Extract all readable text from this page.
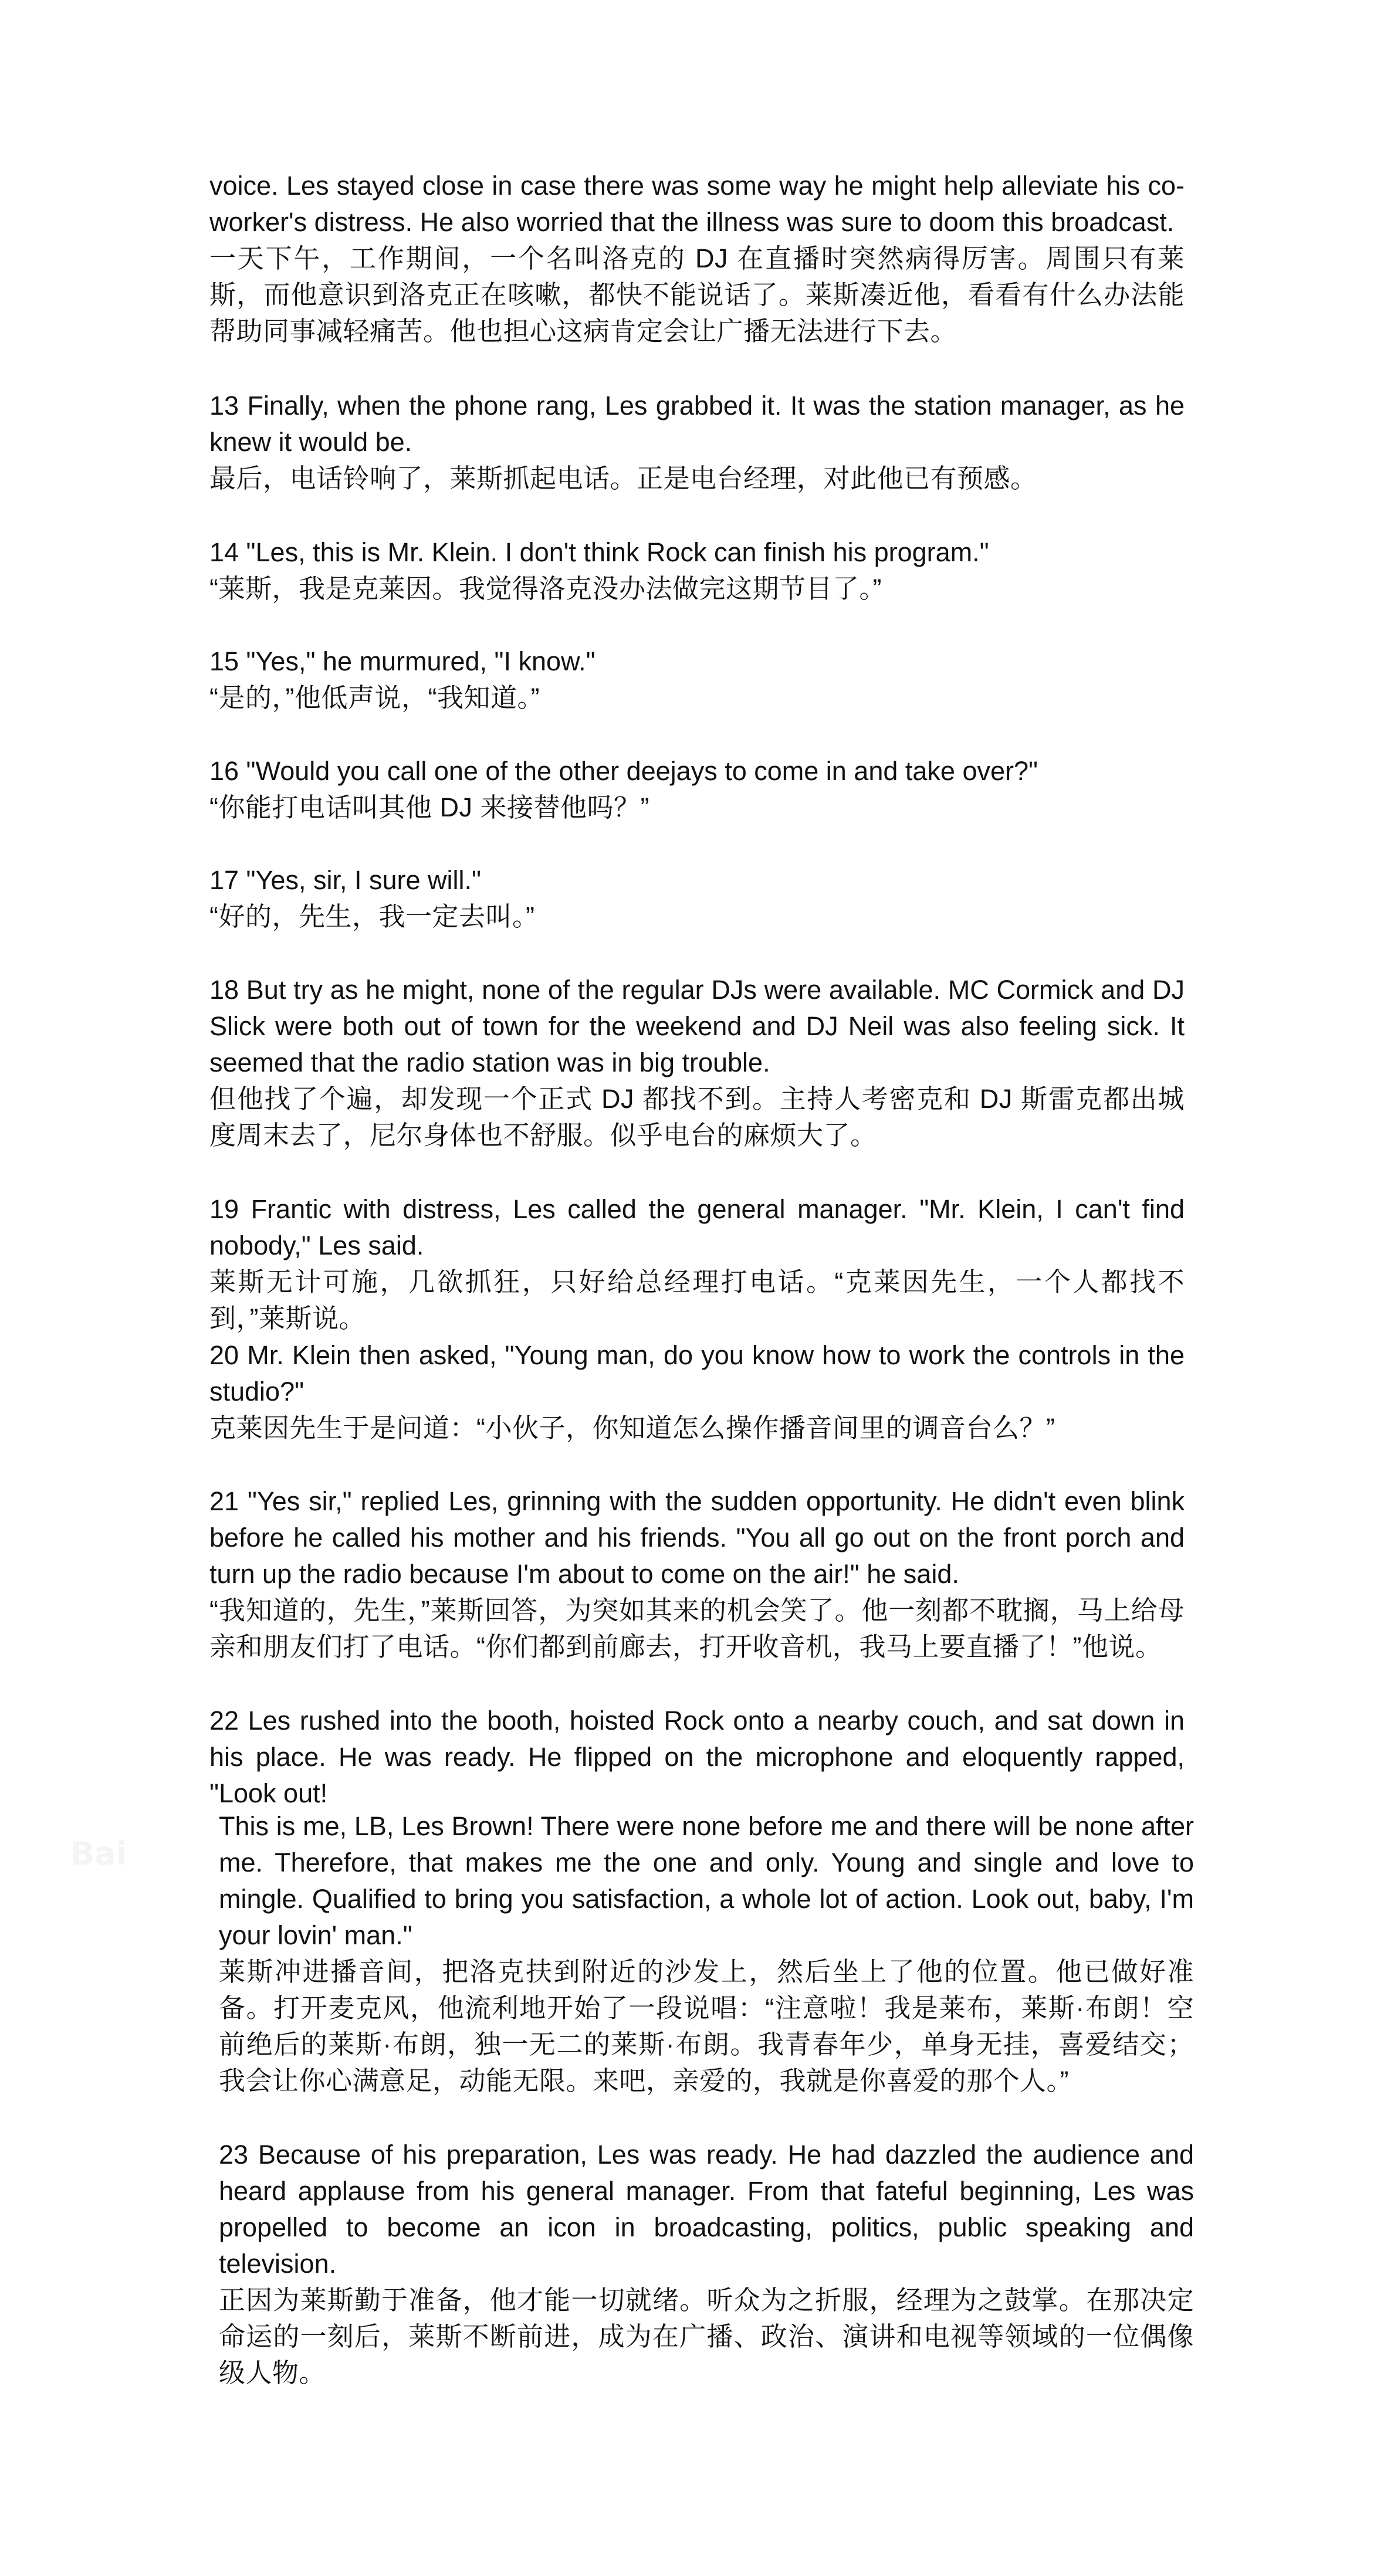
Bai

voice. Les stayed close in case there was some way he might help alleviate his co-worker's distress. He also worried that the illness was sure to doom this broadcast.

一天下午，工作期间，一个名叫洛克的 DJ 在直播时突然病得厉害。周围只有莱斯，而他意识到洛克正在咳嗽，都快不能说话了。莱斯凑近他，看看有什么办法能帮助同事减轻痛苦。他也担心这病肯定会让广播无法进行下去。

13 Finally, when the phone rang, Les grabbed it. It was the station manager, as he knew it would be.

最后，电话铃响了，莱斯抓起电话。正是电台经理，对此他已有预感。

14 "Les, this is Mr. Klein. I don't think Rock can finish his program."

“莱斯，我是克莱因。我觉得洛克没办法做完这期节目了。”

15 "Yes," he murmured, "I know."

“是的，”他低声说，“我知道。”

16 "Would you call one of the other deejays to come in and take over?"

“你能打电话叫其他 DJ 来接替他吗？”

17 "Yes, sir, I sure will."

“好的，先生，我一定去叫。”

18 But try as he might, none of the regular DJs were available. MC Cormick and DJ Slick were both out of town for the weekend and DJ Neil was also feeling sick. It seemed that the radio station was in big trouble.

但他找了个遍，却发现一个正式 DJ 都找不到。主持人考密克和 DJ 斯雷克都出城度周末去了，尼尔身体也不舒服。似乎电台的麻烦大了。

19 Frantic with distress, Les called the general manager. "Mr. Klein, I can't find nobody," Les said.

莱斯无计可施，几欲抓狂，只好给总经理打电话。“克莱因先生，一个人都找不到，”莱斯说。

20 Mr. Klein then asked, "Young man, do you know how to work the controls in the studio?"

克莱因先生于是问道：“小伙子，你知道怎么操作播音间里的调音台么？”

21 "Yes sir," replied Les, grinning with the sudden opportunity. He didn't even blink before he called his mother and his friends. "You all go out on the front porch and turn up the radio because I'm about to come on the air!" he said.

“我知道的，先生，”莱斯回答，为突如其来的机会笑了。他一刻都不耽搁，马上给母亲和朋友们打了电话。“你们都到前廊去，打开收音机，我马上要直播了！”他说。

22 Les rushed into the booth, hoisted Rock onto a nearby couch, and sat down in his place. He was ready. He flipped on the microphone and eloquently rapped, "Look out!

This is me, LB, Les Brown! There were none before me and there will be none after me. Therefore, that makes me the one and only. Young and single and love to mingle. Qualified to bring you satisfaction, a whole lot of action. Look out, baby, I'm your lovin' man."

莱斯冲进播音间，把洛克扶到附近的沙发上，然后坐上了他的位置。他已做好准备。打开麦克风，他流利地开始了一段说唱：“注意啦！我是莱布，莱斯·布朗！空前绝后的莱斯·布朗，独一无二的莱斯·布朗。我青春年少，单身无挂，喜爱结交；我会让你心满意足，动能无限。来吧，亲爱的，我就是你喜爱的那个人。”

23 Because of his preparation, Les was ready. He had dazzled the audience and heard applause from his general manager. From that fateful beginning, Les was propelled to become an icon in broadcasting, politics, public speaking and television.

正因为莱斯勤于准备，他才能一切就绪。听众为之折服，经理为之鼓掌。在那决定命运的一刻后，莱斯不断前进，成为在广播、政治、演讲和电视等领域的一位偶像级人物。
